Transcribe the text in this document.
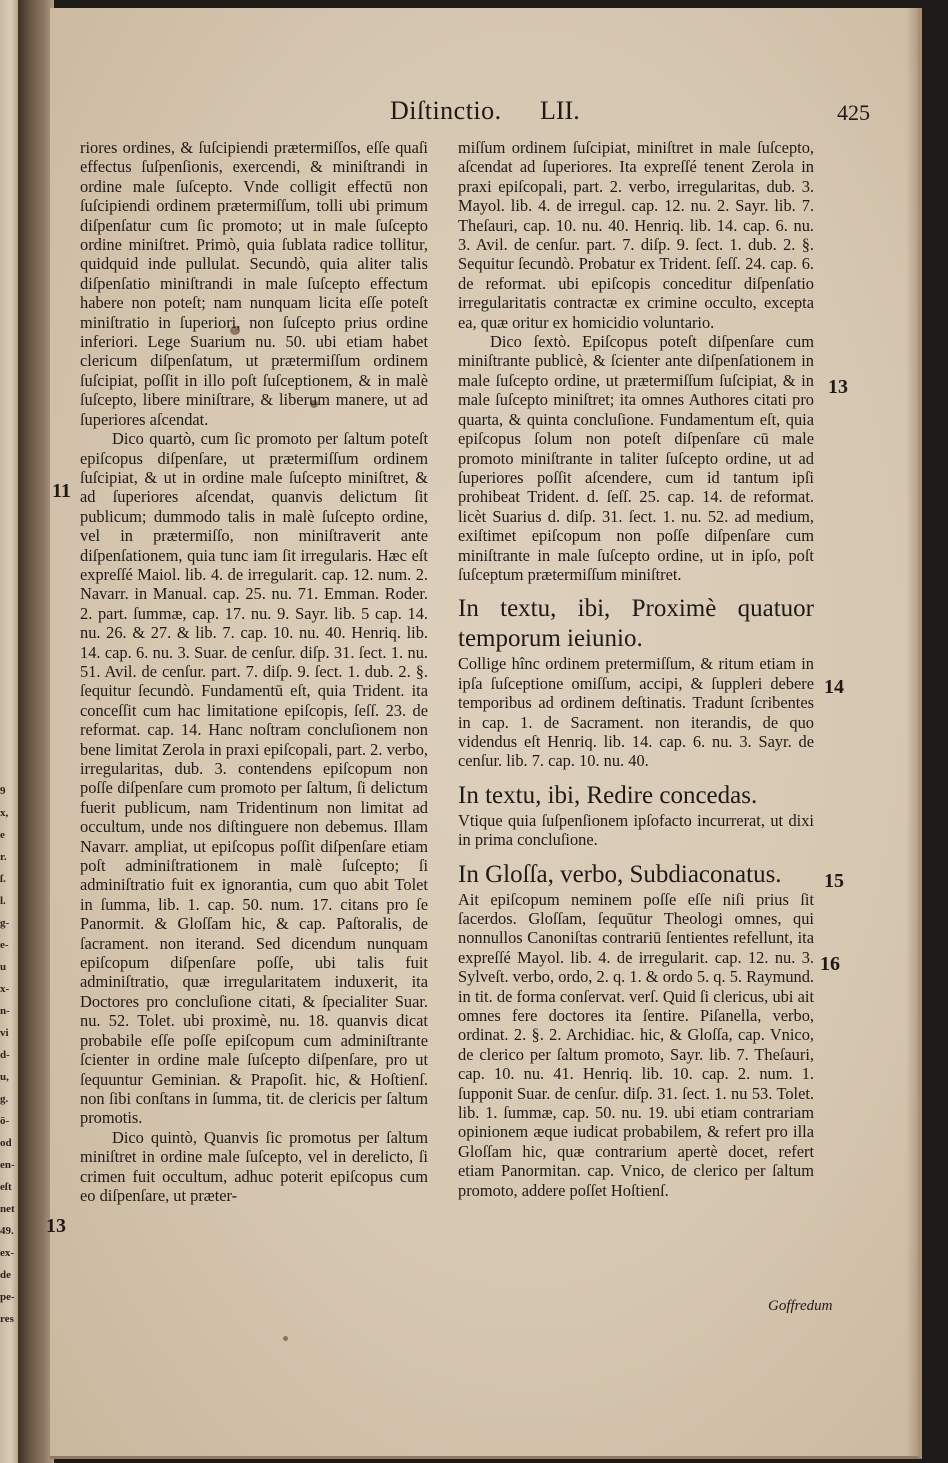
9
x,
e
r.
ſ.
l.
g-
e-
u
x-
n-
vi
d-
u,
g.
ō-
od
en-
eſt
net
49.
ex-
de
pe-
res
Diſtinctio. LII.	425
11
13
13
14
15
16

riores ordines, & ſuſcipiendi prætermiſſos, eſſe quaſi effectus ſuſpenſionis, exercendi, & miniſtrandi in ordine male ſuſcepto. Vnde colligit effectū non ſuſcipiendi ordinem prætermiſſum, tolli ubi primum diſpenſatur cum ſic promoto; ut in male ſuſcepto ordine miniſtret. Primò, quia ſublata radice tollitur, quidquid inde pullulat. Secundò, quia aliter talis diſpenſatio miniſtrandi in male ſuſcepto effectum habere non poteſt; nam nunquam licita eſſe poteſt miniſtratio in ſuperiori, non ſuſcepto prius ordine inferiori. Lege Suarium nu. 50. ubi etiam habet clericum diſpenſatum, ut prætermiſſum ordinem ſuſcipiat, poſſit in illo poſt ſuſceptionem, & in malè ſuſcepto, libere miniſtrare, & liberum manere, ut ad ſuperiores aſcendat.

Dico quartò, cum ſic promoto per ſaltum poteſt epiſcopus diſpenſare, ut prætermiſſum ordinem ſuſcipiat, & ut in ordine male ſuſcepto miniſtret, & ad ſuperiores aſcendat, quanvis delictum ſit publicum; dummodo talis in malè ſuſcepto ordine, vel in prætermiſſo, non miniſtraverit ante diſpenſationem, quia tunc iam ſit irregularis. Hæc eſt expreſſé Maiol. lib. 4. de irregularit. cap. 12. num. 2. Navarr. in Manual. cap. 25. nu. 71. Emman. Roder. 2. part. ſummæ, cap. 17. nu. 9. Sayr. lib. 5 cap. 14. nu. 26. & 27. & lib. 7. cap. 10. nu. 40. Henriq. lib. 14. cap. 6. nu. 3. Suar. de cenſur. diſp. 31. ſect. 1. nu. 51. Avil. de cenſur. part. 7. diſp. 9. ſect. 1. dub. 2. §. ſequitur ſecundò. Fundamentū eſt, quia Trident. ita conceſſit cum hac limitatione epiſcopis, ſeſſ. 23. de reformat. cap. 14. Hanc noſtram concluſionem non bene limitat Zerola in praxi epiſcopali, part. 2. verbo, irregularitas, dub. 3. contendens epiſcopum non poſſe diſpenſare cum promoto per ſaltum, ſi delictum fuerit publicum, nam Tridentinum non limitat ad occultum, unde nos diſtinguere non debemus. Illam Navarr. ampliat, ut epiſcopus poſſit diſpenſare etiam poſt adminiſtrationem in malè ſuſcepto; ſi adminiſtratio fuit ex ignorantia, cum quo abit Tolet in ſumma, lib. 1. cap. 50. num. 17. citans pro ſe Panormit. & Gloſſam hic, & cap. Paſtoralis, de ſacrament. non iterand. Sed dicendum nunquam epiſcopum diſpenſare poſſe, ubi talis fuit adminiſtratio, quæ irregularitatem induxerit, ita Doctores pro concluſione citati, & ſpecialiter Suar. nu. 52. Tolet. ubi proximè, nu. 18. quanvis dicat probabile eſſe poſſe epiſcopum cum adminiſtrante ſcienter in ordine male ſuſcepto diſpenſare, pro ut ſequuntur Geminian. & Prapoſit. hic, & Hoſtienſ. non ſibi conſtans in ſumma, tit. de clericis per ſaltum promotis.

Dico quintò, Quanvis ſic promotus per ſaltum miniſtret in ordine male ſuſcepto, vel in derelicto, ſi crimen fuit occultum, adhuc poterit epiſcopus cum eo diſpenſare, ut præter-

miſſum ordinem ſuſcipiat, miniſtret in male ſuſcepto, aſcendat ad ſuperiores. Ita expreſſé tenent Zerola in praxi epiſcopali, part. 2. verbo, irregularitas, dub. 3. Mayol. lib. 4. de irregul. cap. 12. nu. 2. Sayr. lib. 7. Theſauri, cap. 10. nu. 40. Henriq. lib. 14. cap. 6. nu. 3. Avil. de cenſur. part. 7. diſp. 9. ſect. 1. dub. 2. §. Sequitur ſecundò. Probatur ex Trident. ſeſſ. 24. cap. 6. de reformat. ubi epiſcopis conceditur diſpenſatio irregularitatis contractæ ex crimine occulto, excepta ea, quæ oritur ex homicidio voluntario.

Dico ſextò. Epiſcopus poteſt diſpenſare cum miniſtrante publicè, & ſcienter ante diſpenſationem in male ſuſcepto ordine, ut prætermiſſum ſuſcipiat, & in male ſuſcepto miniſtret; ita omnes Authores citati pro quarta, & quinta concluſione. Fundamentum eſt, quia epiſcopus ſolum non poteſt diſpenſare cū male promoto miniſtrante in taliter ſuſcepto ordine, ut ad ſuperiores poſſit aſcendere, cum id tantum ipſi prohibeat Trident. d. ſeſſ. 25. cap. 14. de reformat. licèt Suarius d. diſp. 31. ſect. 1. nu. 52. ad medium, exiſtimet epiſcopum non poſſe diſpenſare cum miniſtrante in male ſuſcepto ordine, ut in ipſo, poſt ſuſceptum prætermiſſum miniſtret.

In textu, ibi, Proximè quatuor temporum ieiunio.

Collige hînc ordinem pretermiſſum, & ritum etiam in ipſa ſuſceptione omiſſum, accipi, & ſuppleri debere temporibus ad ordinem deſtinatis. Tradunt ſcribentes in cap. 1. de Sacrament. non iterandis, de quo videndus eſt Henriq. lib. 14. cap. 6. nu. 3. Sayr. de cenſur. lib. 7. cap. 10. nu. 40.

In textu, ibi, Redire concedas.

Vtique quia ſuſpenſionem ipſofacto incurrerat, ut dixi in prima concluſione.

In Gloſſa, verbo, Subdiaconatus.

Ait epiſcopum neminem poſſe eſſe niſi prius ſit ſacerdos. Gloſſam, ſequūtur Theologi omnes, qui nonnullos Canoniſtas contrariū ſentientes refellunt, ita expreſſé Mayol. lib. 4. de irregularit. cap. 12. nu. 3. Sylveſt. verbo, ordo, 2. q. 1. & ordo 5. q. 5. Raymund. in tit. de forma conſervat. verſ. Quid ſi clericus, ubi ait omnes fere doctores ita ſentire. Piſanella, verbo, ordinat. 2. §. 2. Archidiac. hic, & Gloſſa, cap. Vnico, de clerico per ſaltum promoto, Sayr. lib. 7. Theſauri, cap. 10. nu. 41. Henriq. lib. 10. cap. 2. num. 1. ſupponit Suar. de cenſur. diſp. 31. ſect. 1. nu 53. Tolet. lib. 1. ſummæ, cap. 50. nu. 19. ubi etiam contrariam opinionem æque iudicat probabilem, & refert pro illa Gloſſam hic, quæ contrarium apertè docet, refert etiam Panormitan. cap. Vnico, de clerico per ſaltum promoto, addere poſſet Hoſtienſ.

Goffredum
